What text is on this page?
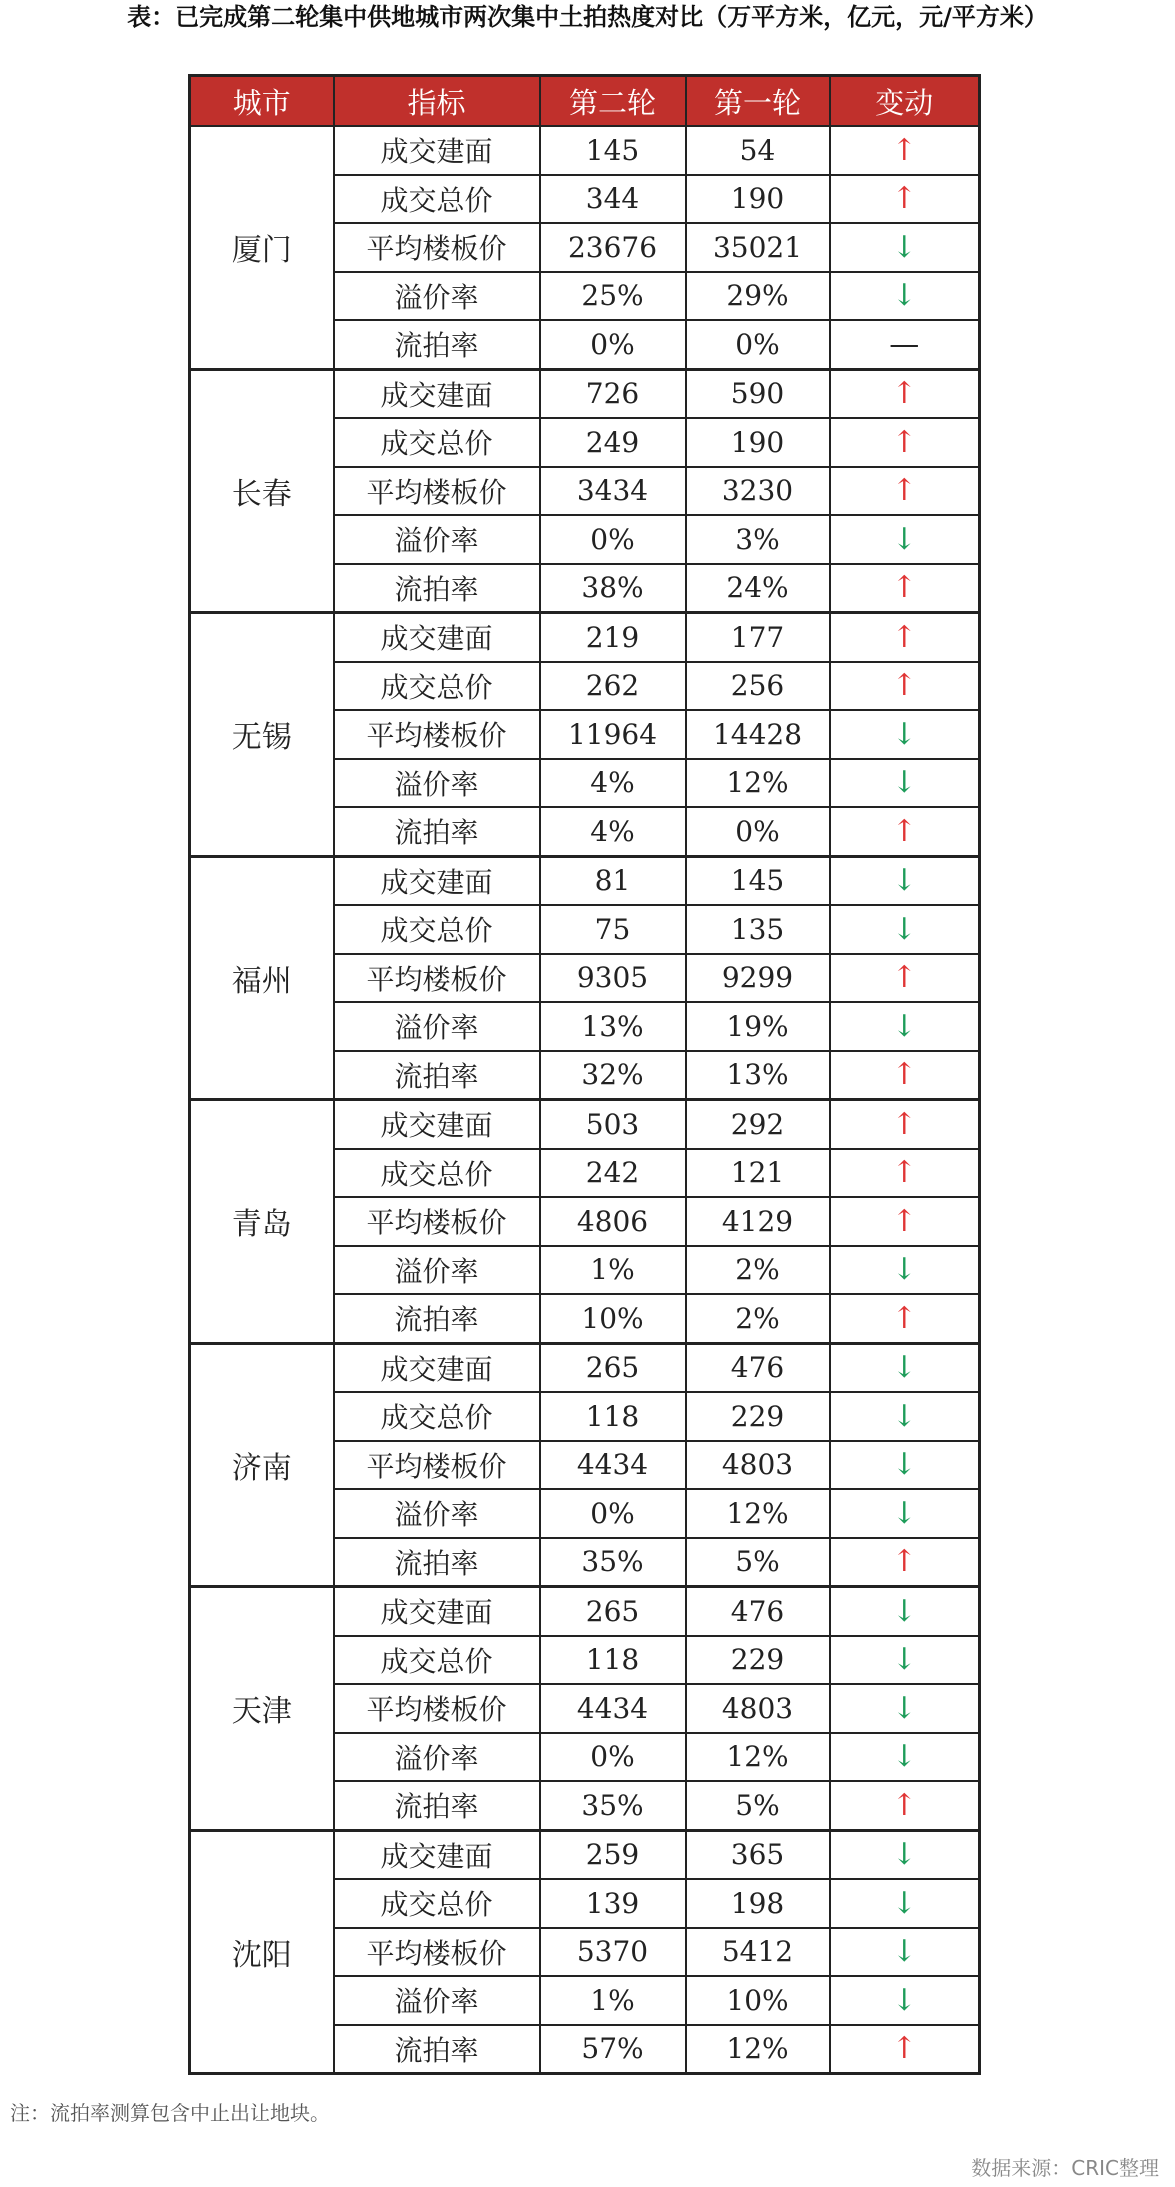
表：已完成第二轮集中供地城市两次集中土拍热度对比（万平方米，亿元，元/平方米）
城市	指标	第二轮	第一轮	变动
厦门	成交建面	145	54	↑
	成交总价	344	190	↑
	平均楼板价	23676	35021	↓
	溢价率	25%	29%	↓
	流拍率	0%	0%	—
长春	成交建面	726	590	↑
	成交总价	249	190	↑
	平均楼板价	3434	3230	↑
	溢价率	0%	3%	↓
	流拍率	38%	24%	↑
无锡	成交建面	219	177	↑
	成交总价	262	256	↑
	平均楼板价	11964	14428	↓
	溢价率	4%	12%	↓
	流拍率	4%	0%	↑
福州	成交建面	81	145	↓
	成交总价	75	135	↓
	平均楼板价	9305	9299	↑
	溢价率	13%	19%	↓
	流拍率	32%	13%	↑
青岛	成交建面	503	292	↑
	成交总价	242	121	↑
	平均楼板价	4806	4129	↑
	溢价率	1%	2%	↓
	流拍率	10%	2%	↑
济南	成交建面	265	476	↓
	成交总价	118	229	↓
	平均楼板价	4434	4803	↓
	溢价率	0%	12%	↓
	流拍率	35%	5%	↑
天津	成交建面	265	476	↓
	成交总价	118	229	↓
	平均楼板价	4434	4803	↓
	溢价率	0%	12%	↓
	流拍率	35%	5%	↑
沈阳	成交建面	259	365	↓
	成交总价	139	198	↓
	平均楼板价	5370	5412	↓
	溢价率	1%	10%	↓
	流拍率	57%	12%	↑
注：流拍率测算包含中止出让地块。
数据来源：CRIC整理
